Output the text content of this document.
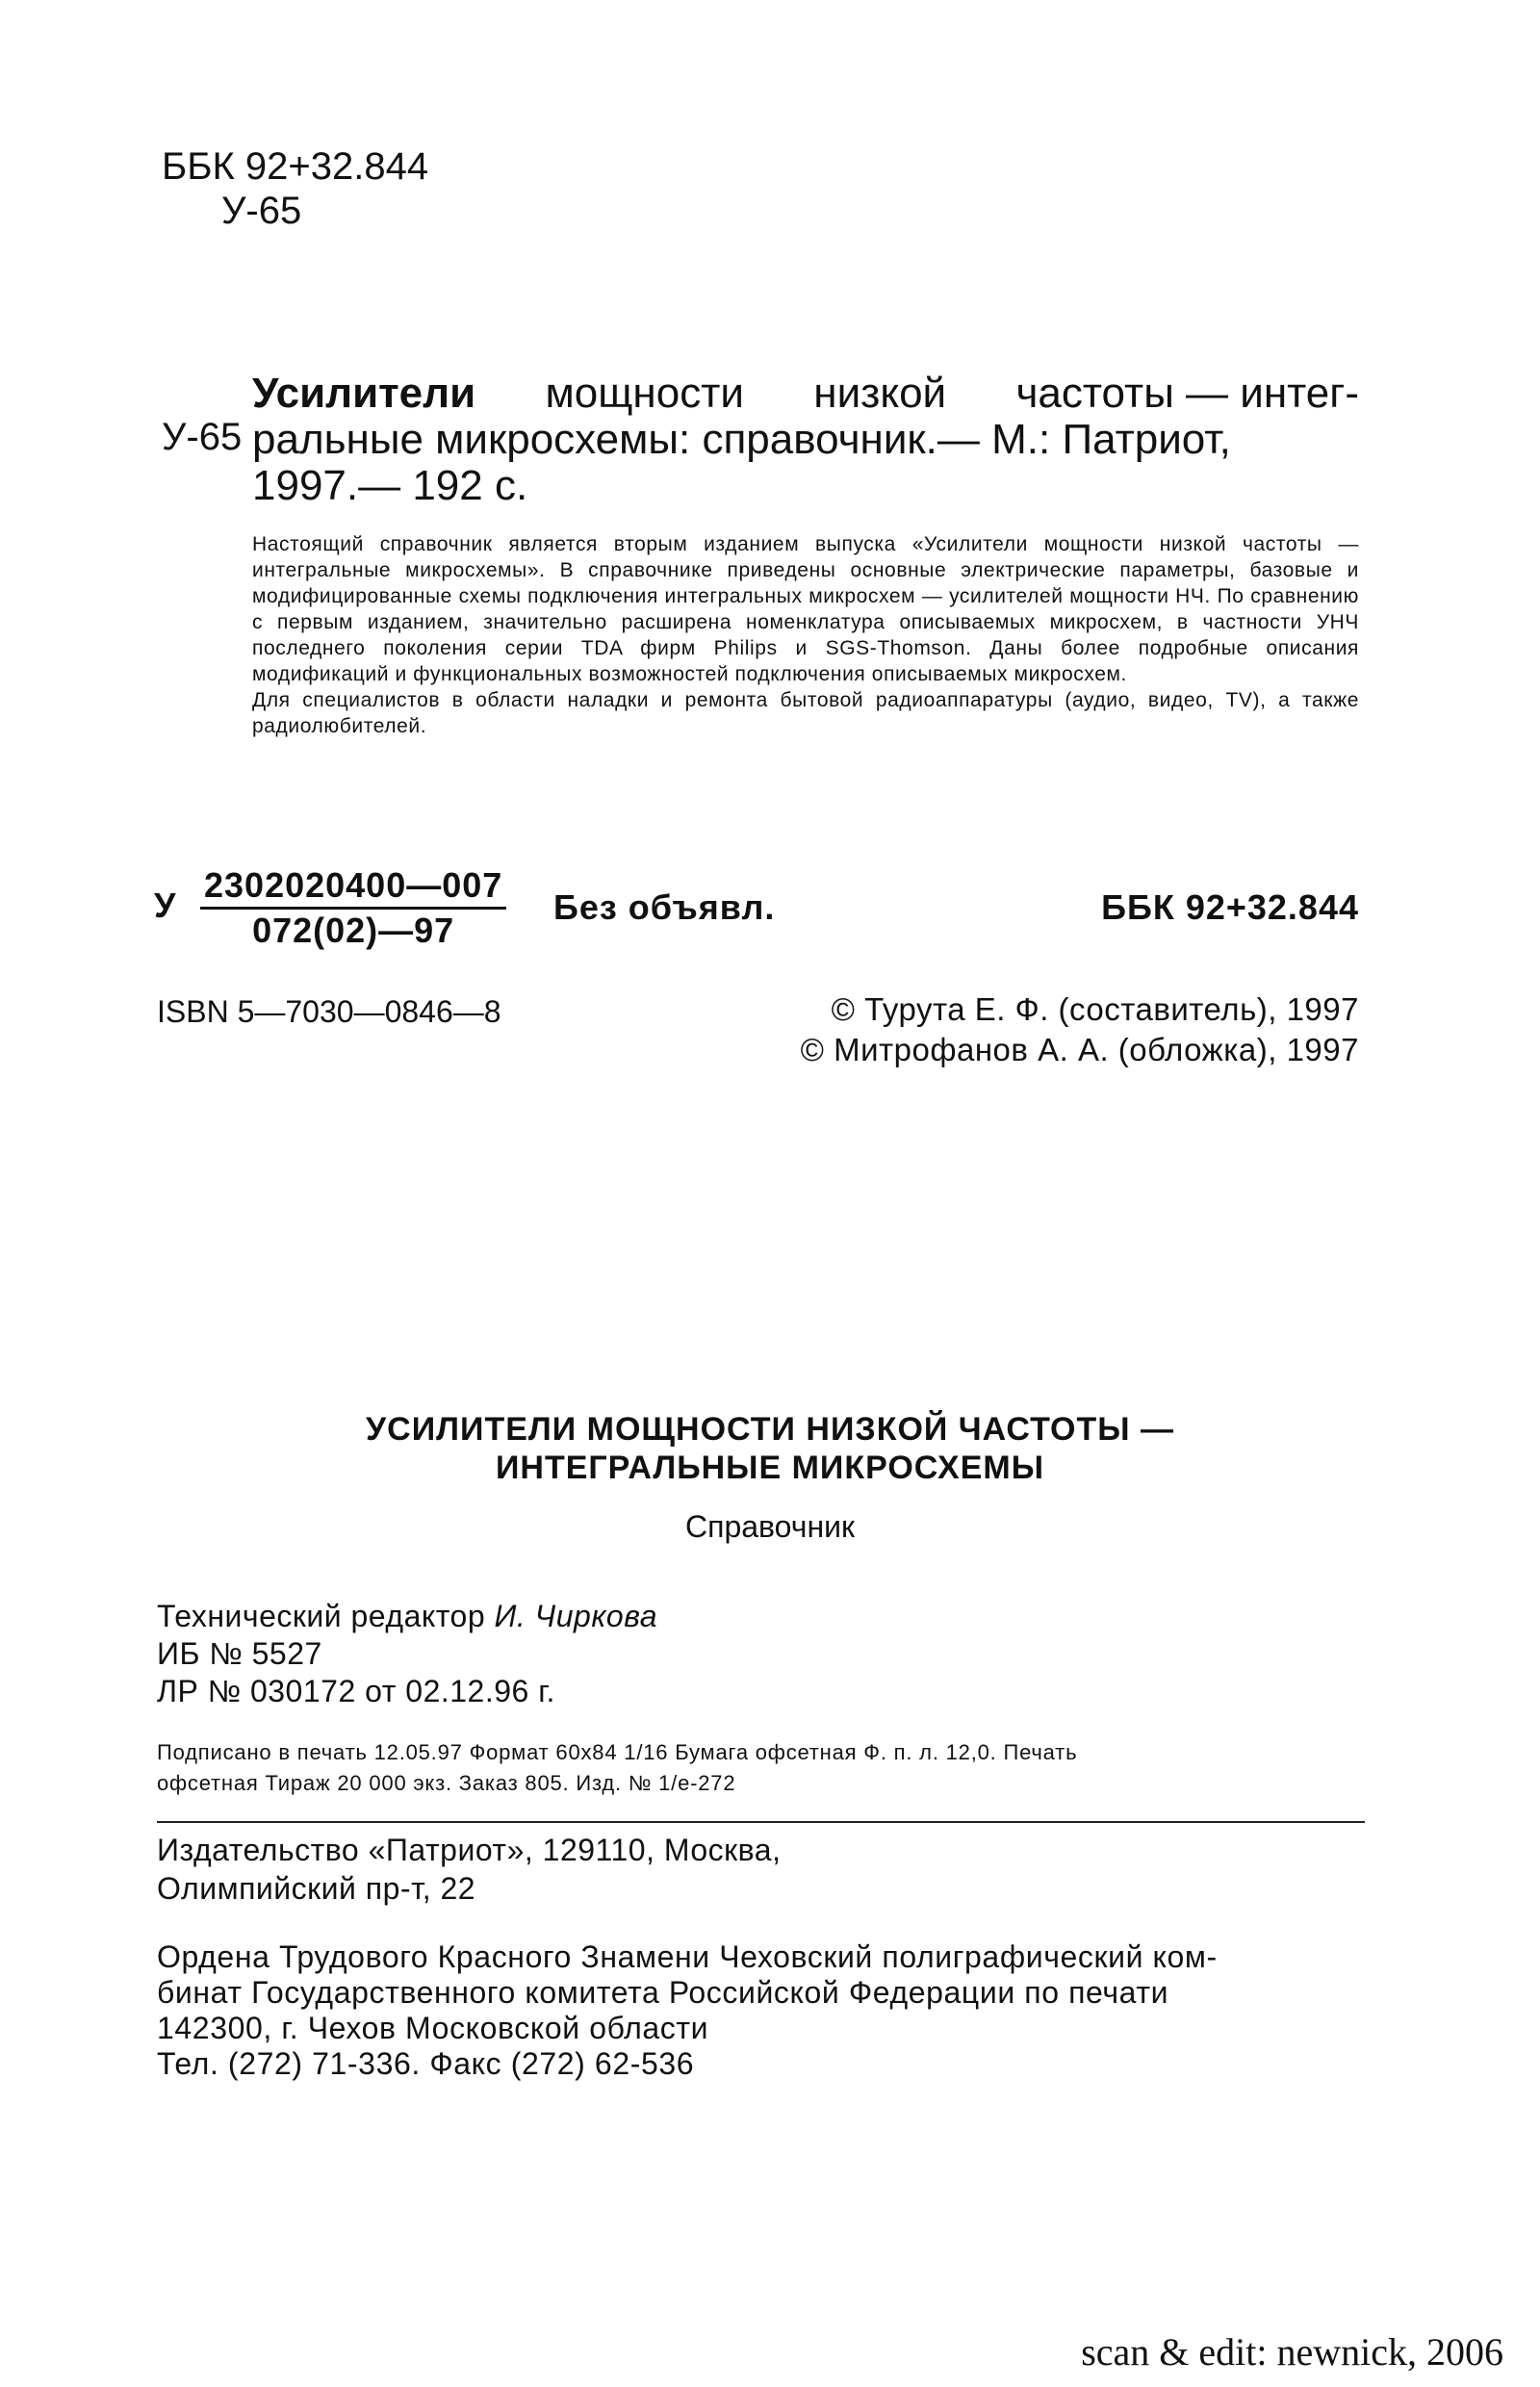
ББК 92+32.844
У-65
У-65
Усилители мощности низкой частоты — интег-
ральные микросхемы: справочник.— М.: Патриот,
1997.— 192 с.

Настоящий справочник является вторым изданием выпуска «Усилители мощности низкой частоты — интегральные микросхемы». В справочнике приведены основные электрические параметры, базовые и модифицированные схемы подключения интегральных микросхем — усилителей мощности НЧ. По сравнению с первым изданием, значительно расширена номенклатура описываемых микросхем, в частности УНЧ последнего поколения серии TDA фирм Philips и SGS-Thomson. Даны более подробные описания модификаций и функциональных возможностей подключения описываемых микросхем.

Для специалистов в области наладки и ремонта бытовой радиоаппаратуры (аудио, видео, TV), а также радиолюбителей.

У $\frac{2302020400—007}{072(02)—97}$ Без объявл.	ББК 92+32.844
ISBN 5—7030—0846—8	© Турута Е. Ф. (составитель), 1997
© Митрофанов А. А. (обложка), 1997
УСИЛИТЕЛИ МОЩНОСТИ НИЗКОЙ ЧАСТОТЫ —
ИНТЕГРАЛЬНЫЕ МИКРОСХЕМЫ
Справочник
Технический редактор И. Чиркова
ИБ № 5527
ЛР № 030172 от 02.12.96 г.
Подписано в печать 12.05.97 Формат 60х84 1/16 Бумага офсетная Ф. п. л. 12,0. Печать
офсетная Тираж 20 000 экз. Заказ 805. Изд. № 1/е-272
Издательство «Патриот», 129110, Москва,
Олимпийский пр-т, 22
Ордена Трудового Красного Знамени Чеховский полиграфический ком-
бинат Государственного комитета Российской Федерации по печати
142300, г. Чехов Московской области
Тел. (272) 71-336. Факс (272) 62-536
scan & edit: newnick, 2006
